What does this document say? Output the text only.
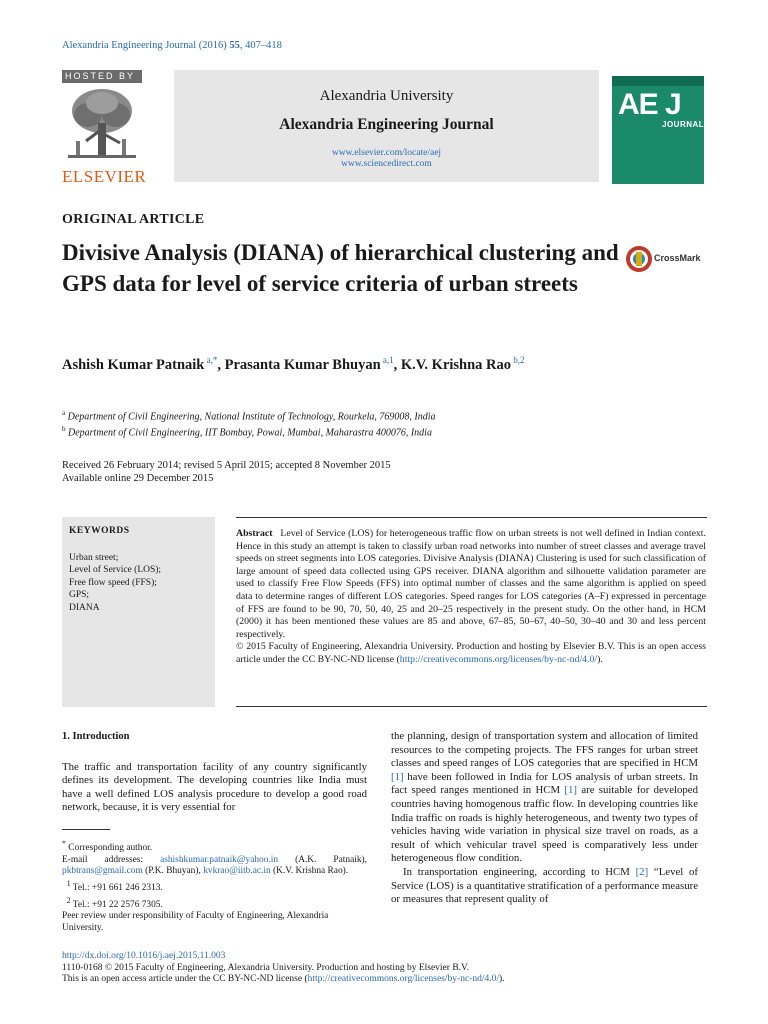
Alexandria Engineering Journal (2016) 55, 407–418
HOSTED BY
ELSEVIER
Alexandria University
Alexandria Engineering Journal
www.elsevier.com/locate/aej
www.sciencedirect.com
AE J
JOURNAL
ORIGINAL ARTICLE
Divisive Analysis (DIANA) of hierarchical clustering and GPS data for level of service criteria of urban streets
CrossMark
Ashish Kumar Patnaik $^{a,*}$, Prasanta Kumar Bhuyan $^{a,1}$, K.V. Krishna Rao $^{b,2}$
$^a$ Department of Civil Engineering, National Institute of Technology, Rourkela, 769008, India
$^b$ Department of Civil Engineering, IIT Bombay, Powai, Mumbai, Maharastra 400076, India
Received 26 February 2014; revised 5 April 2015; accepted 8 November 2015
Available online 29 December 2015
KEYWORDS
Urban street;
Level of Service (LOS);
Free flow speed (FFS);
GPS;
DIANA
Abstract Level of Service (LOS) for heterogeneous traffic flow on urban streets is not well defined in Indian context. Hence in this study an attempt is taken to classify urban road networks into number of street classes and average travel speeds on street segments into LOS categories. Divisive Analysis (DIANA) Clustering is used for such classification of large amount of speed data collected using GPS receiver. DIANA algorithm and silhouette validation parameter are used to classify Free Flow Speeds (FFS) into optimal number of classes and the same algorithm is applied on speed data to determine ranges of different LOS categories. Speed ranges for LOS categories (A–F) expressed in percentage of FFS are found to be 90, 70, 50, 40, 25 and 20–25 respectively in the present study. On the other hand, in HCM (2000) it has been mentioned these values are 85 and above, 67–85, 50–67, 40–50, 30–40 and 30 and less percent respectively.
© 2015 Faculty of Engineering, Alexandria University. Production and hosting by Elsevier B.V. This is an open access article under the CC BY-NC-ND license (http://creativecommons.org/licenses/by-nc-nd/4.0/).
1. Introduction
The traffic and transportation facility of any country significantly defines its development. The developing countries like India must have a well defined LOS analysis procedure to develop a good road network, because, it is very essential for
* Corresponding author.
E-mail addresses: ashishkumar.patnaik@yahoo.in (A.K. Patnaik), pkbtrans@gmail.com (P.K. Bhuyan), kvkrao@iitb.ac.in (K.V. Krishna Rao).
$^1$ Tel.: +91 661 246 2313.
$^2$ Tel.: +91 22 2576 7305.
Peer review under responsibility of Faculty of Engineering, Alexandria University.
the planning, design of transportation system and allocation of limited resources to the competing projects. The FFS ranges for urban street classes and speed ranges of LOS categories that are specified in HCM [1] have been followed in India for LOS analysis of urban streets. In fact speed ranges mentioned in HCM [1] are suitable for developed countries having homogenous traffic flow. In developing countries like India traffic on roads is highly heterogeneous, and twenty two types of vehicles having wide variation in physical size travel on roads, as a result of which vehicular travel speed is comparatively less under heterogeneous flow condition.
In transportation engineering, according to HCM [2] “Level of Service (LOS) is a quantitative stratification of a performance measure or measures that represent quality of
http://dx.doi.org/10.1016/j.aej.2015.11.003
1110-0168 © 2015 Faculty of Engineering, Alexandria University. Production and hosting by Elsevier B.V.
This is an open access article under the CC BY-NC-ND license (http://creativecommons.org/licenses/by-nc-nd/4.0/).
